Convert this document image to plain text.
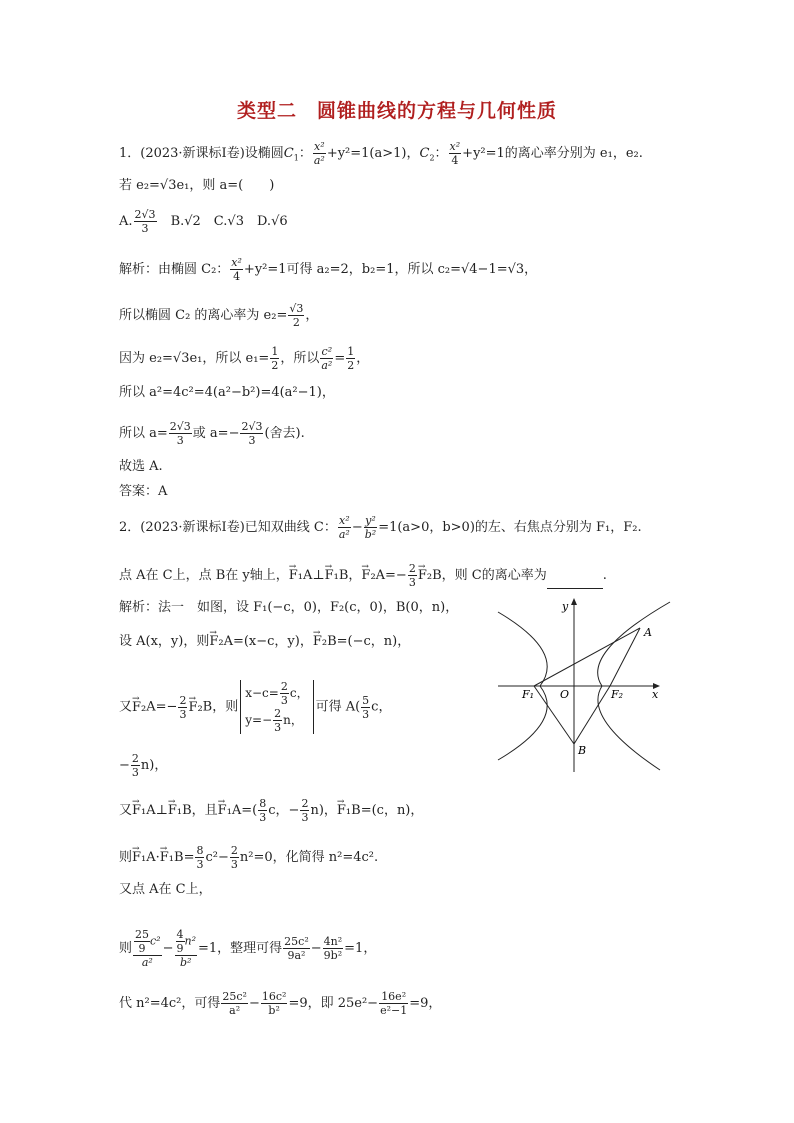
类型二　圆锥曲线的方程与几何性质
1．(2023·新课标Ⅰ卷)设椭圆$C_1$： $\frac{\text{x²}}{\text{a²}} +y^2=1(a>1)$，$C_2$： $\frac{\text{x²}}{4} +y^2=1$的离心率分别为 e₁，e₂.
若 e₂=√3e₁，则 a=(　　)
A. $\frac{2√3}{3}$
　 B.√2　C.√3　D.√6
解析：由椭圆 C₂： $\frac{\text{x²}}{4} +y^2=1$可得 a₂=2，b₂=1，所以 c₂=√4−1=√3，
所以椭圆 C₂ 的离心率为 $e_2= \frac{√3}{2}$ ，
因为 e₂=√3e₁，所以 $e_1= \frac{1}{2}$ ，所以 $\frac{\text{c²}}{\text{a²}} = \frac{1}{2}$ ，
所以 a²=4c²=4(a²−b²)=4(a²−1)，
所以 $a= \frac{2√3}{3}$ 或 $a=- \frac{2√3}{3}$ (舍去).
故选 A.
答案：A
2．(2023·新课标Ⅰ卷)已知双曲线 C： $\frac{\text{x²}}{\text{a²}} - \frac{\text{y²}}{\text{b²}} =1(a>0$，b>0)的左、右焦点分别为 F₁，F₂.
点 A在 C上，点 B在 y轴上，→ F₁A⊥→ F₁B，→ $F_2A=- \frac{2}{3}$
→ F₂B，则 C的离心率为	.
解析：法一　如图，设 F₁(−c，0)，F₂(c，0)，B(0，n)，
设 A(x，y)，则→ F₂A=(x−c，y)，→ F₂B=(−c，n)，
又→ $F_2A=- \frac{2}{3}$
→ F₂B，则
$x-c= \frac{2}{3}$ c，
$y=- \frac{2}{3}$ n，
可得 $A( \frac{5}{3}$ c，
− $\frac{2}{3} n$)，
又→ F₁A⊥→ F₁B，且→ $F_1A=( \frac{8}{3}$ c，− $\frac{2}{3} n$)，→ F₁B=(c，n)，
则→ $F_1A\cdot\to F_1B= \frac{8}{3} c^2- \frac{2}{3} n^2=0$，化简得 n²=4c².
又点 A在 C上，
则 $\frac{\frac{25}{9} c^2}{\text{a²}} - \frac{\frac{4}{9} n^2}{\text{b²}} =1$，整理可得 $\frac{\text{25c²}}{\text{9a²}} - \frac{\text{4n²}}{\text{9b²}} =1$，
代 n²=4c²，可得 $\frac{\text{25c²}}{\text{a²}} - \frac{\text{16c²}}{\text{b²}} =9$，即 $25e^2- \frac{\text{16e²}}{\text{e²−1}} =9$，
y
x
O
A
B
F₁	F₂
